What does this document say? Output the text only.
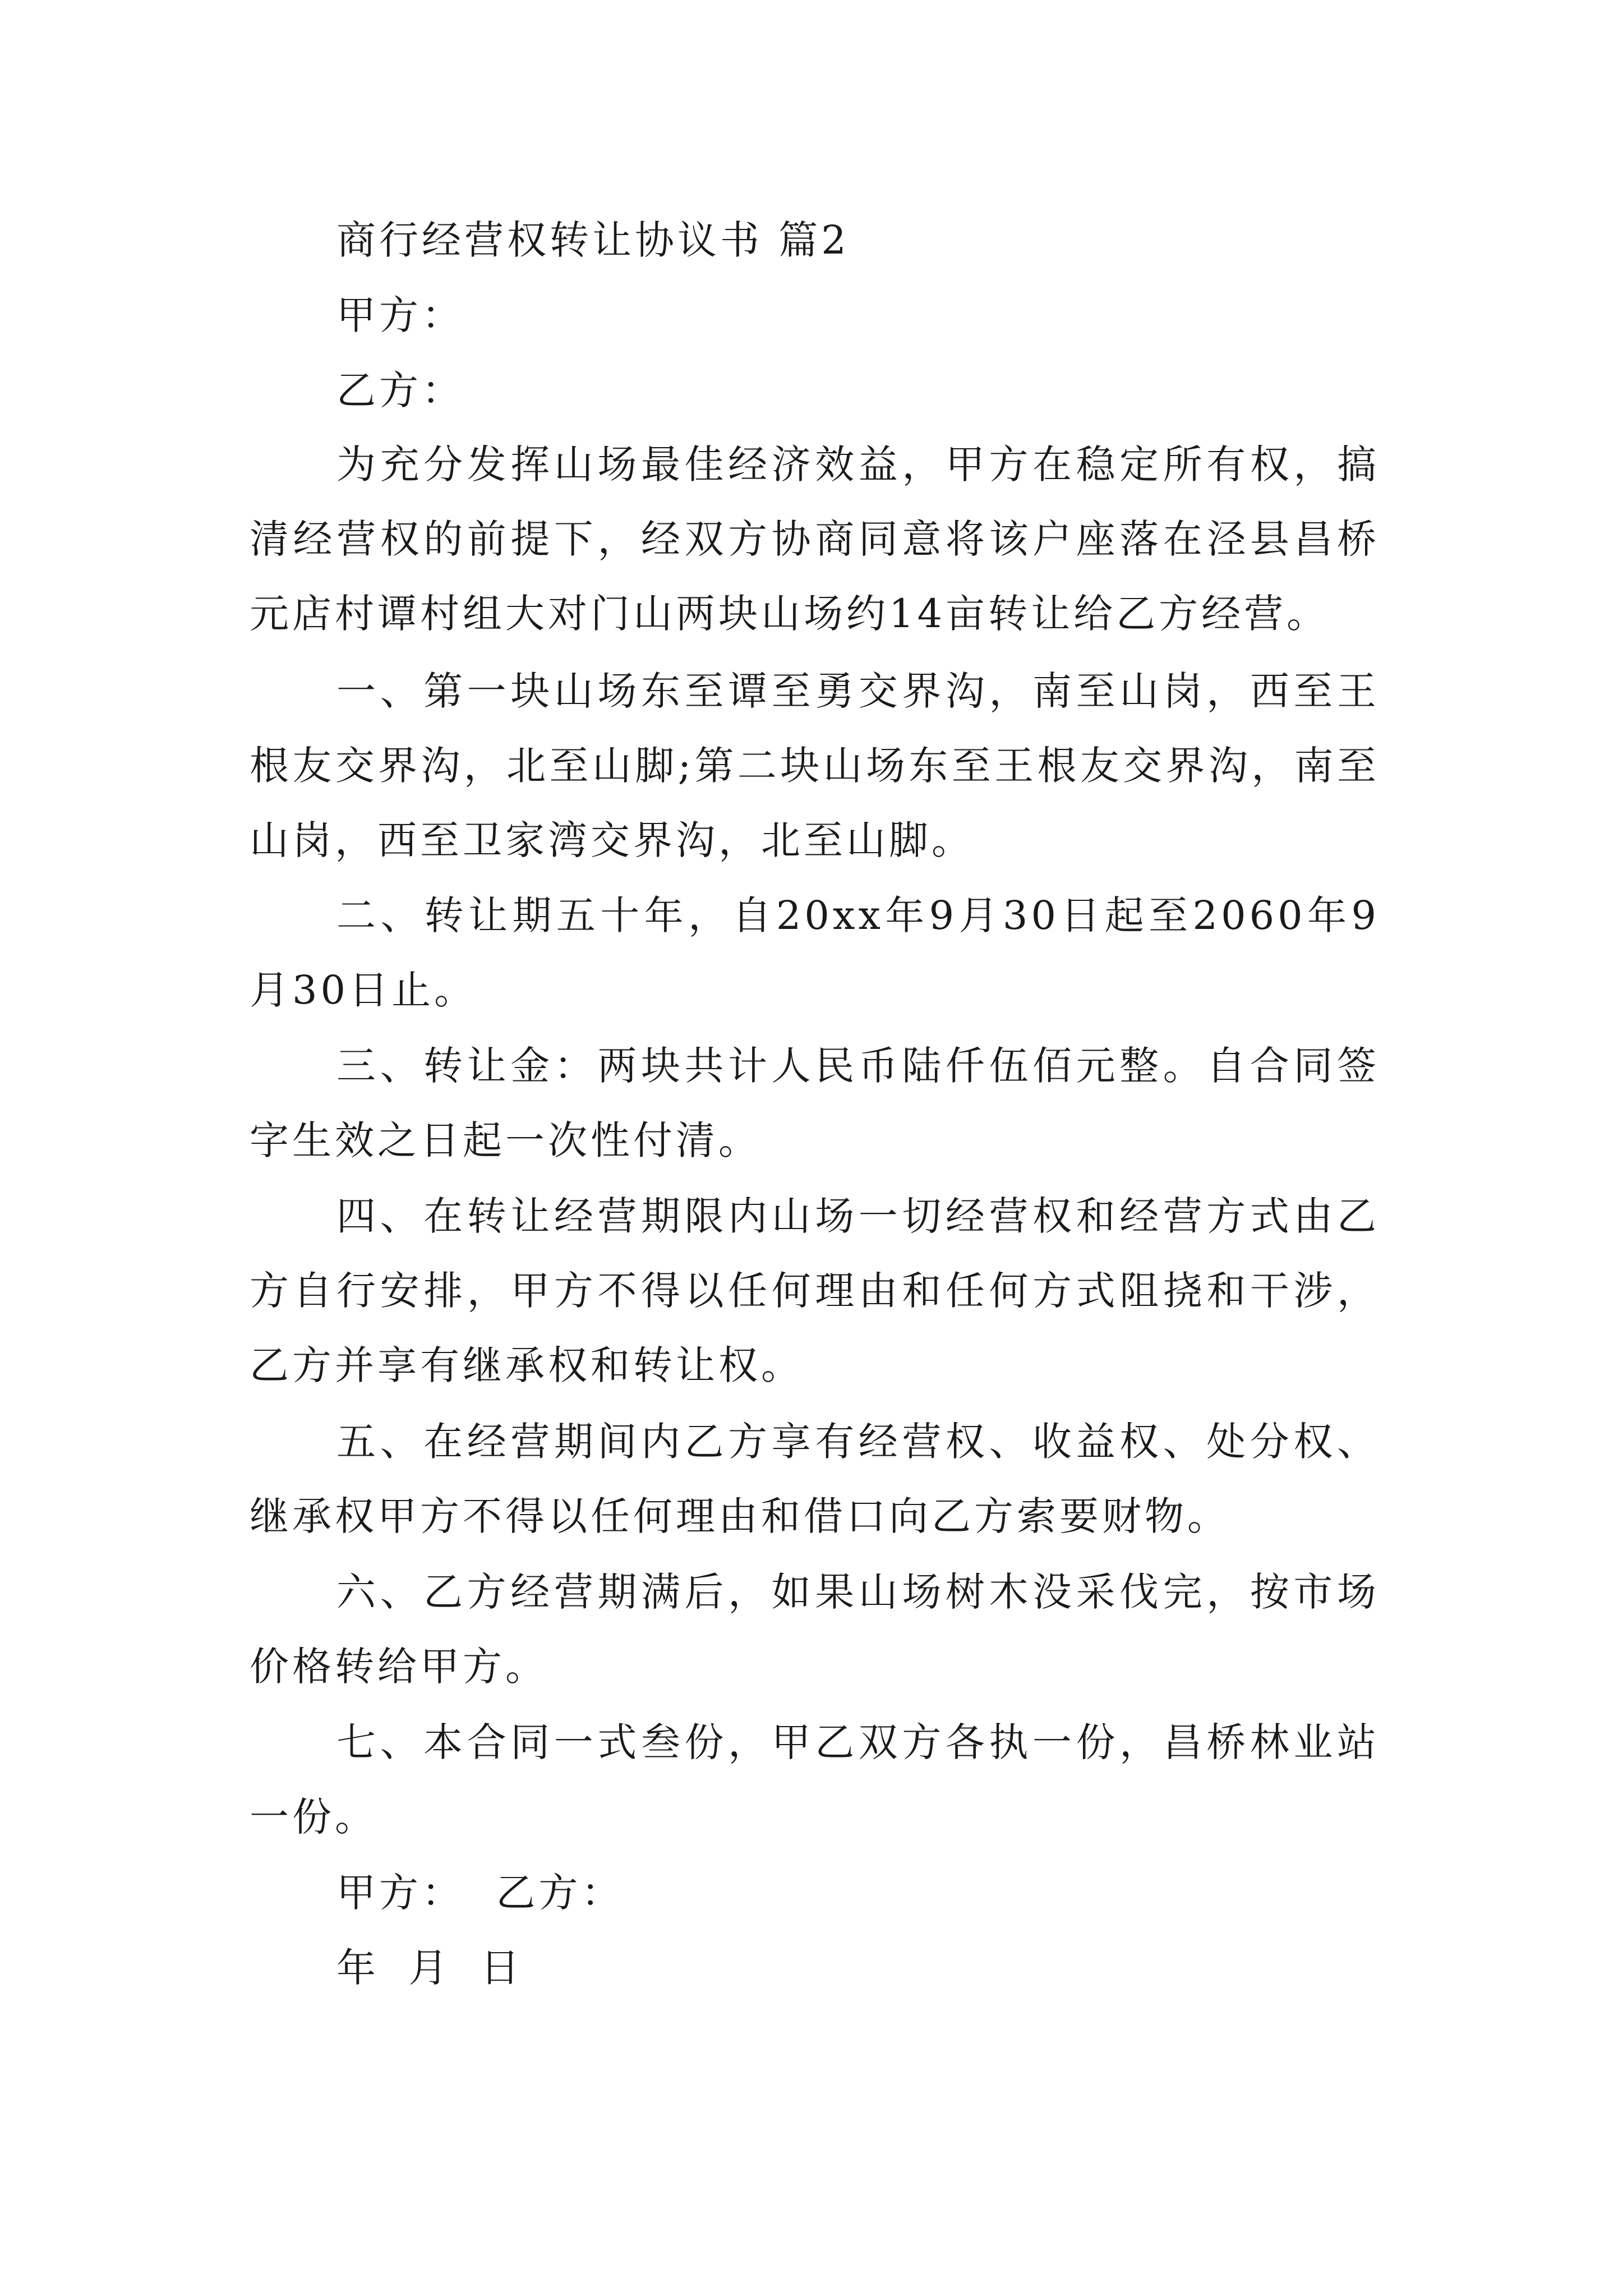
商行经营权转让协议书 篇2
甲方：
乙方：
为充分发挥山场最佳经济效益，甲方在稳定所有权，搞清经营权的前提下，经双方协商同意将该户座落在泾县昌桥元店村谭村组大对门山两块山场约14亩转让给乙方经营。
一、第一块山场东至谭至勇交界沟，南至山岗，西至王根友交界沟，北至山脚;第二块山场东至王根友交界沟，南至山岗，西至卫家湾交界沟，北至山脚。
二、转让期五十年，自20xx年9月30日起至2060年9月30日止。
三、转让金：两块共计人民币陆仟伍佰元整。自合同签字生效之日起一次性付清。
四、在转让经营期限内山场一切经营权和经营方式由乙方自行安排，甲方不得以任何理由和任何方式阻挠和干涉，乙方并享有继承权和转让权。
五、在经营期间内乙方享有经营权、收益权、处分权、继承权甲方不得以任何理由和借口向乙方索要财物。
六、乙方经营期满后，如果山场树木没采伐完，按市场价格转给甲方。
七、本合同一式叁份，甲乙双方各执一份，昌桥林业站一份。
甲方：  乙方：
年 月 日
